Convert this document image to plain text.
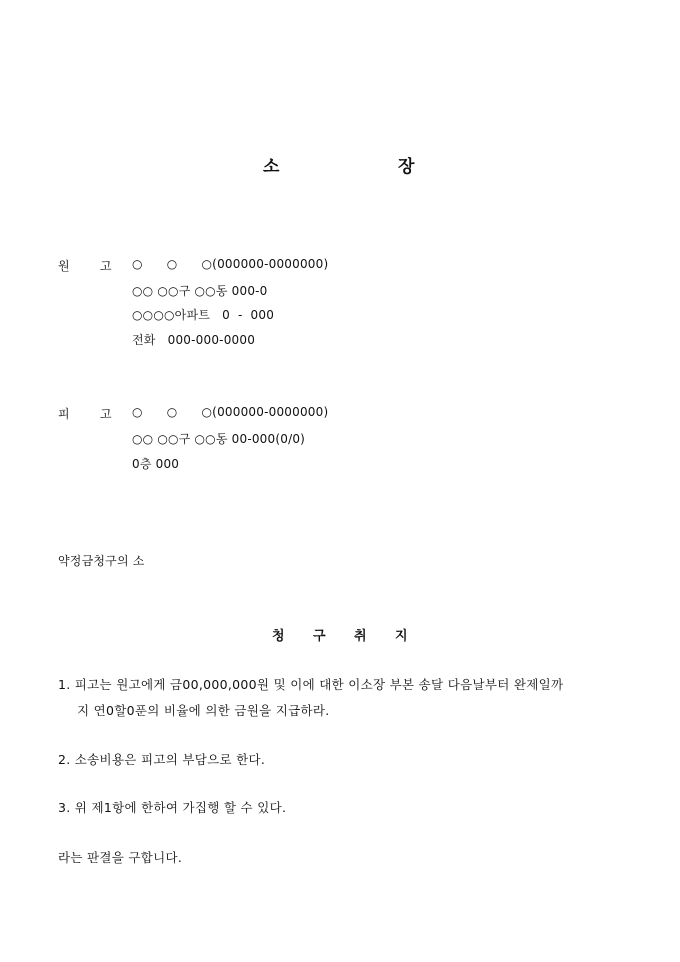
소	장
원	고 ○      ○      ○(000000-0000000)
○○ ○○구 ○○동 000-0
○○○○아파트   0  -  000
전화   000-000-0000
피	고 ○      ○      ○(000000-0000000)
○○ ○○구 ○○동 00-000(0/0)
0층 000
약정금청구의 소
청 구 취 지
1. 피고는 원고에게 금00,000,000원 및 이에 대한 이소장 부본 송달 다음날부터 완제일까
지 연0할0푼의 비율에 의한 금원을 지급하라.
2. 소송비용은 피고의 부담으로 한다.
3. 위 제1항에 한하여 가집행 할 수 있다.
라는 판결을 구합니다.
